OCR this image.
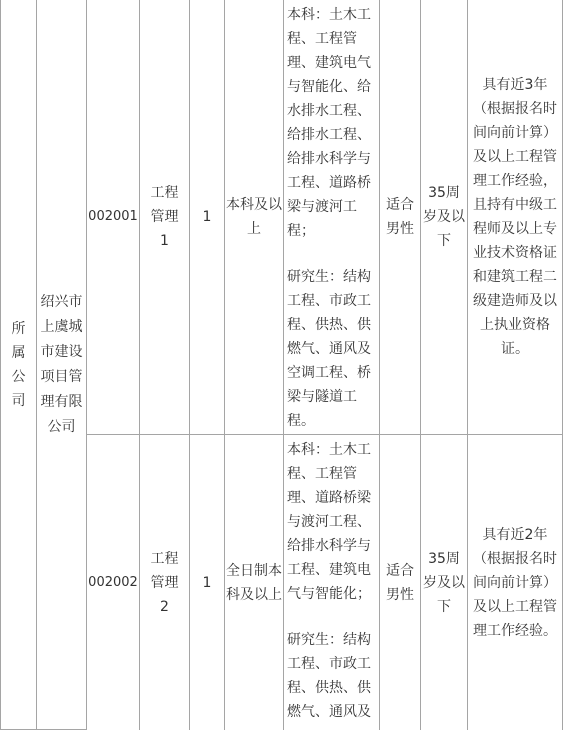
所属公司
绍兴市上虞城市建设项目管理有限公司
002001
工程管理1
1
本科及以上
本科：土木工程、工程管理、建筑电气与智能化、给水排水工程、给排水工程、给排水科学与工程、道路桥梁与渡河工程；
研究生：结构工程、市政工程、供热、供燃气、通风及空调工程、桥梁与隧道工程。
适合男性
35周岁及以下
具有近3年（根据报名时间向前计算）及以上工程管理工作经验，且持有中级工程师及以上专业技术资格证和建筑工程二级建造师及以上执业资格证。
002002
工程管理2
1
全日制本科及以上
本科：土木工程、工程管理、道路桥梁与渡河工程、给排水科学与工程、建筑电气与智能化；
研究生：结构工程、市政工程、供热、供燃气、通风及
适合男性
35周岁及以下
具有近2年（根据报名时间向前计算）及以上工程管理工作经验。
